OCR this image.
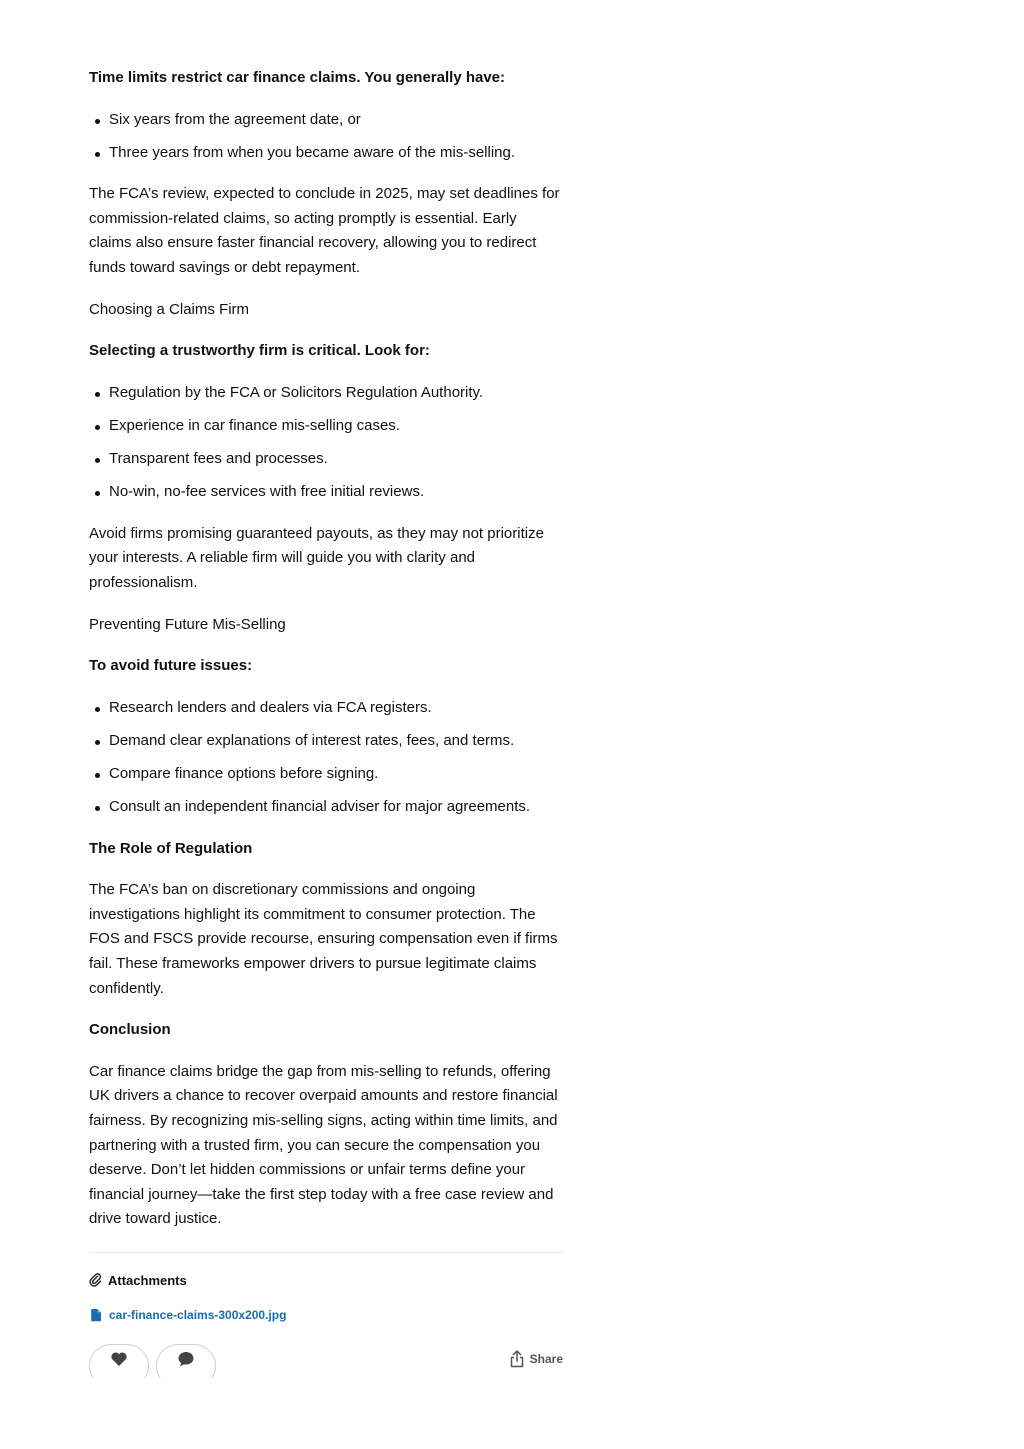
Time limits restrict car finance claims. You generally have:

Six years from the agreement date, or
Three years from when you became aware of the mis-selling.

The FCA’s review, expected to conclude in 2025, may set deadlines for commission-related claims, so acting promptly is essential. Early claims also ensure faster financial recovery, allowing you to redirect funds toward savings or debt repayment.

Choosing a Claims Firm

Selecting a trustworthy firm is critical. Look for:

Regulation by the FCA or Solicitors Regulation Authority.
Experience in car finance mis-selling cases.
Transparent fees and processes.
No-win, no-fee services with free initial reviews.

Avoid firms promising guaranteed payouts, as they may not prioritize your interests. A reliable firm will guide you with clarity and professionalism.

Preventing Future Mis-Selling

To avoid future issues:

Research lenders and dealers via FCA registers.
Demand clear explanations of interest rates, fees, and terms.
Compare finance options before signing.
Consult an independent financial adviser for major agreements.

The Role of Regulation

The FCA’s ban on discretionary commissions and ongoing investigations highlight its commitment to consumer protection. The FOS and FSCS provide recourse, ensuring compensation even if firms fail. These frameworks empower drivers to pursue legitimate claims confidently.

Conclusion

Car finance claims bridge the gap from mis-selling to refunds, offering UK drivers a chance to recover overpaid amounts and restore financial fairness. By recognizing mis-selling signs, acting within time limits, and partnering with a trusted firm, you can secure the compensation you deserve. Don’t let hidden commissions or unfair terms define your financial journey—take the first step today with a free case review and drive toward justice.

Attachments
car-finance-claims-300x200.jpg
Share
